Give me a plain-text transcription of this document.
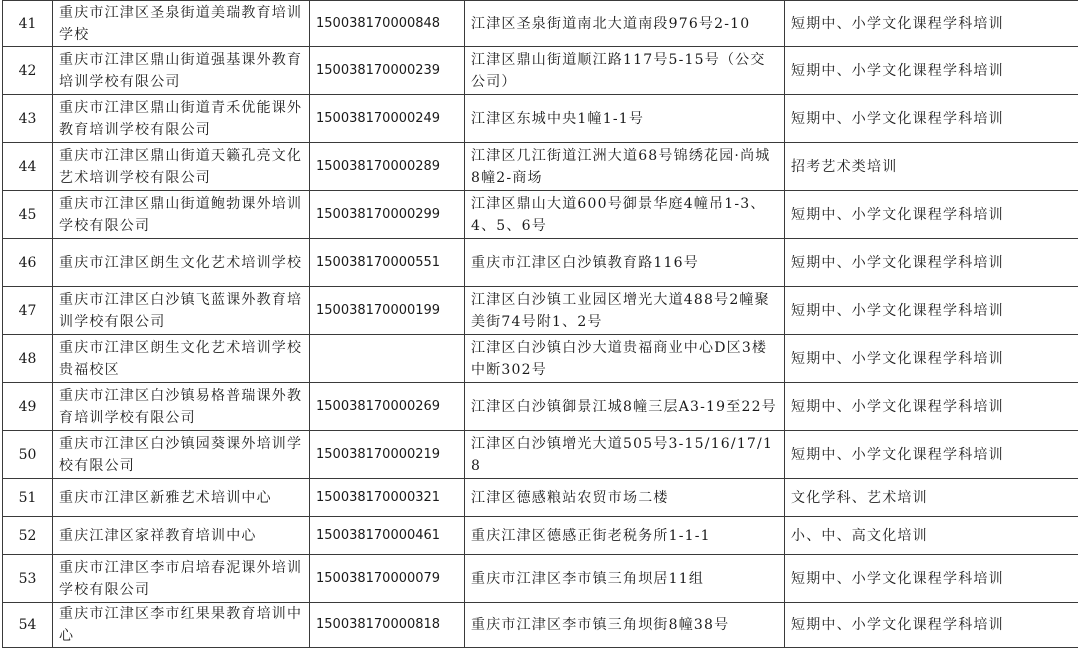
41	重庆市江津区圣泉街道美瑞教育培训学校	150038170000848	江津区圣泉街道南北大道南段976号2-10	短期中、小学文化课程学科培训
42	重庆市江津区鼎山街道强基课外教育培训学校有限公司	150038170000239	江津区鼎山街道顺江路117号5-15号（公交公司）	短期中、小学文化课程学科培训
43	重庆市江津区鼎山街道青禾优能课外教育培训学校有限公司	150038170000249	江津区东城中央1幢1-1号	短期中、小学文化课程学科培训
44	重庆市江津区鼎山街道天籁孔亮文化艺术培训学校有限公司	150038170000289	江津区几江街道江洲大道68号锦绣花园·尚城8幢2-商场	招考艺术类培训
45	重庆市江津区鼎山街道鲍勃课外培训学校有限公司	150038170000299	江津区鼎山大道600号御景华庭4幢吊1-3、4、5、6号	短期中、小学文化课程学科培训
46	重庆市江津区朗生文化艺术培训学校	150038170000551	重庆市江津区白沙镇教育路116号	短期中、小学文化课程学科培训
47	重庆市江津区白沙镇飞蓝课外教育培训学校有限公司	150038170000199	江津区白沙镇工业园区增光大道488号2幢聚美街74号附1、2号	短期中、小学文化课程学科培训
48	重庆市江津区朗生文化艺术培训学校贵福校区		江津区白沙镇白沙大道贵福商业中心D区3楼中断302号	短期中、小学文化课程学科培训
49	重庆市江津区白沙镇易格普瑞课外教育培训学校有限公司	150038170000269	江津区白沙镇御景江城8幢三层A3-19至22号	短期中、小学文化课程学科培训
50	重庆市江津区白沙镇园葵课外培训学校有限公司	150038170000219	江津区白沙镇增光大道505号3-15/16/17/18	短期中、小学文化课程学科培训
51	重庆市江津区新雅艺术培训中心	150038170000321	江津区德感粮站农贸市场二楼	文化学科、艺术培训
52	重庆江津区家祥教育培训中心	150038170000461	重庆江津区德感正街老税务所1-1-1	小、中、高文化培训
53	重庆市江津区李市启培春泥课外培训学校有限公司	150038170000079	重庆市江津区李市镇三角坝居11组	短期中、小学文化课程学科培训
54	重庆市江津区李市红果果教育培训中心	150038170000818	重庆市江津区李市镇三角坝街8幢38号	短期中、小学文化课程学科培训
